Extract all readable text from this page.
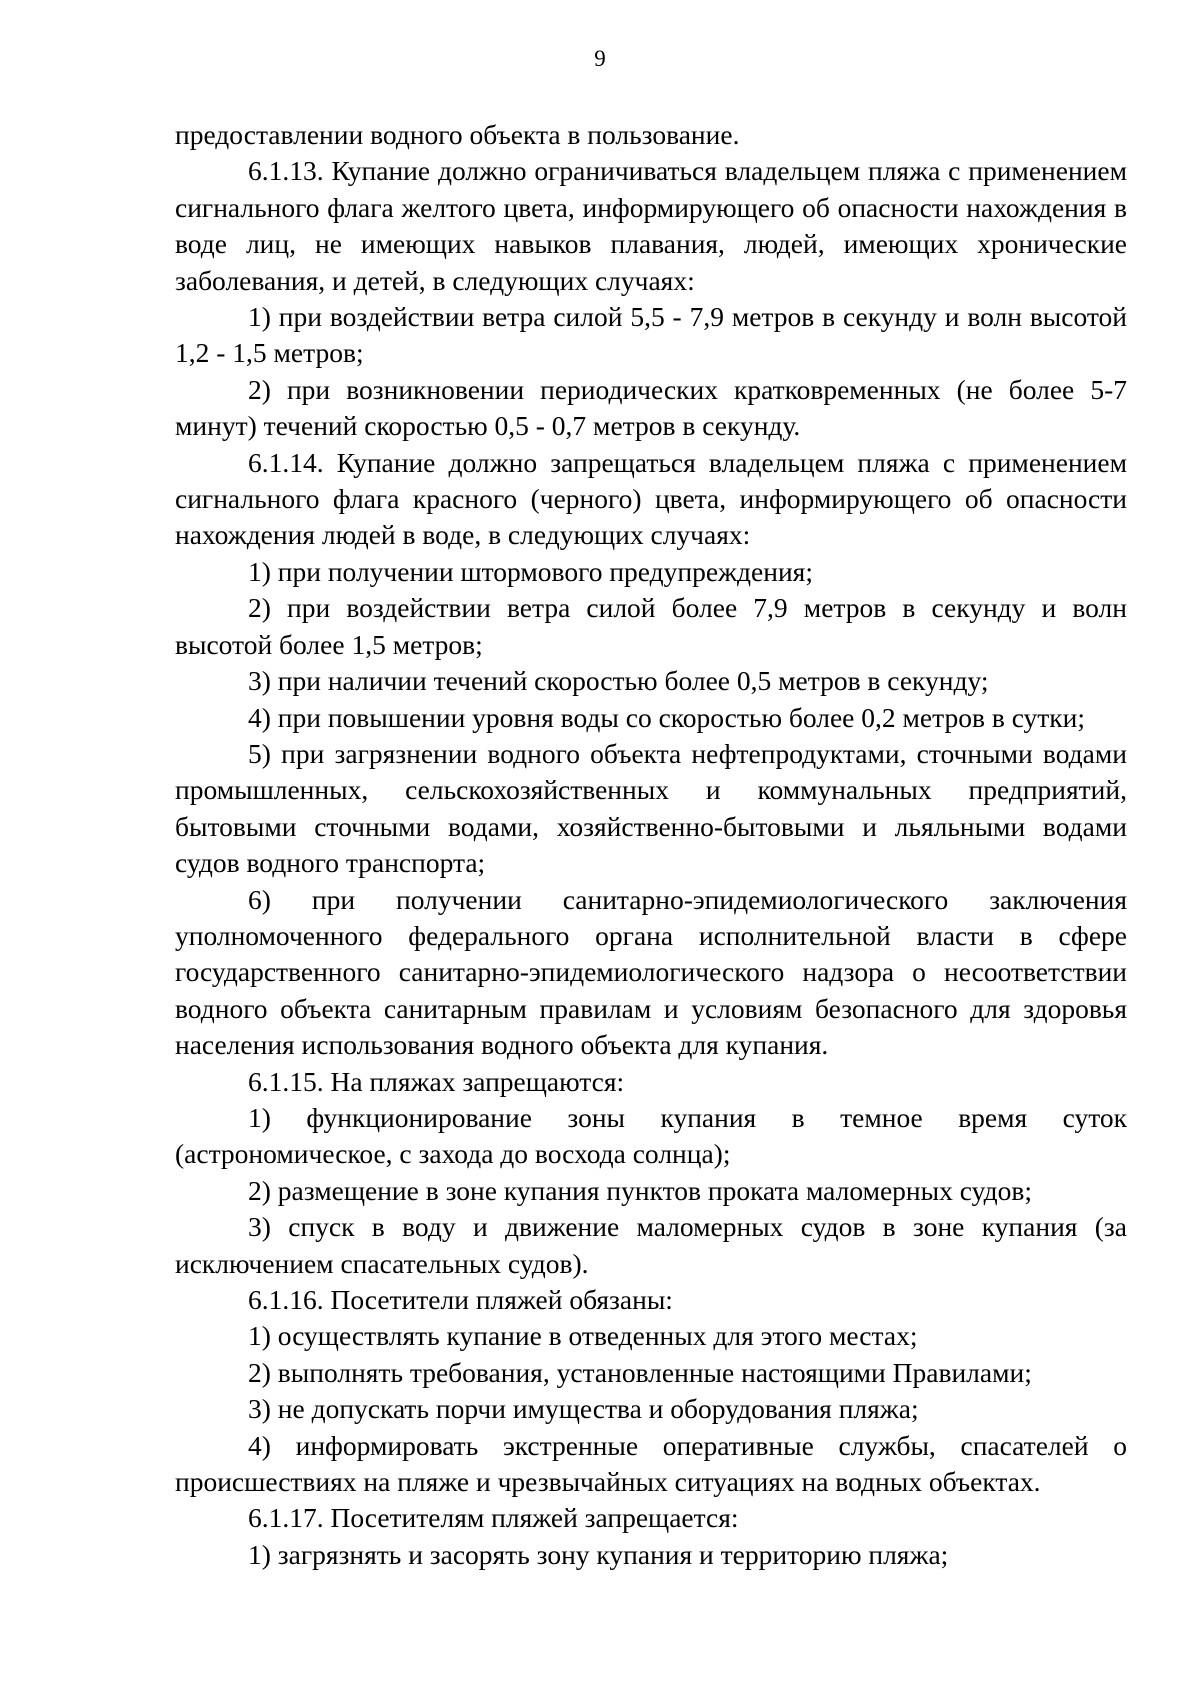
9

предоставлении водного объекта в пользование.

6.1.13. Купание должно ограничиваться владельцем пляжа с применением сигнального флага желтого цвета, информирующего об опасности нахождения в воде лиц, не имеющих навыков плавания, людей, имеющих хронические заболевания, и детей, в следующих случаях:

1) при воздействии ветра силой 5,5 - 7,9 метров в секунду и волн высотой 1,2 - 1,5 метров;

2) при возникновении периодических кратковременных (не более 5-7 минут) течений скоростью 0,5 - 0,7 метров в секунду.

6.1.14. Купание должно запрещаться владельцем пляжа с применением сигнального флага красного (черного) цвета, информирующего об опасности нахождения людей в воде, в следующих случаях:

1) при получении штормового предупреждения;

2) при воздействии ветра силой более 7,9 метров в секунду и волн высотой более 1,5 метров;

3) при наличии течений скоростью более 0,5 метров в секунду;

4) при повышении уровня воды со скоростью более 0,2 метров в сутки;

5) при загрязнении водного объекта нефтепродуктами, сточными водами промышленных, сельскохозяйственных и коммунальных предприятий, бытовыми сточными водами, хозяйственно-бытовыми и льяльными водами судов водного транспорта;

6) при получении санитарно-эпидемиологического заключения уполномоченного федерального органа исполнительной власти в сфере государственного санитарно-эпидемиологического надзора о несоответствии водного объекта санитарным правилам и условиям безопасного для здоровья населения использования водного объекта для купания.

6.1.15. На пляжах запрещаются:

1) функционирование зоны купания в темное время суток (астрономическое, с захода до восхода солнца);

2) размещение в зоне купания пунктов проката маломерных судов;

3) спуск в воду и движение маломерных судов в зоне купания (за исключением спасательных судов).

6.1.16. Посетители пляжей обязаны:

1) осуществлять купание в отведенных для этого местах;

2) выполнять требования, установленные настоящими Правилами;

3) не допускать порчи имущества и оборудования пляжа;

4) информировать экстренные оперативные службы, спасателей о происшествиях на пляже и чрезвычайных ситуациях на водных объектах.

6.1.17. Посетителям пляжей запрещается:

1) загрязнять и засорять зону купания и территорию пляжа;
